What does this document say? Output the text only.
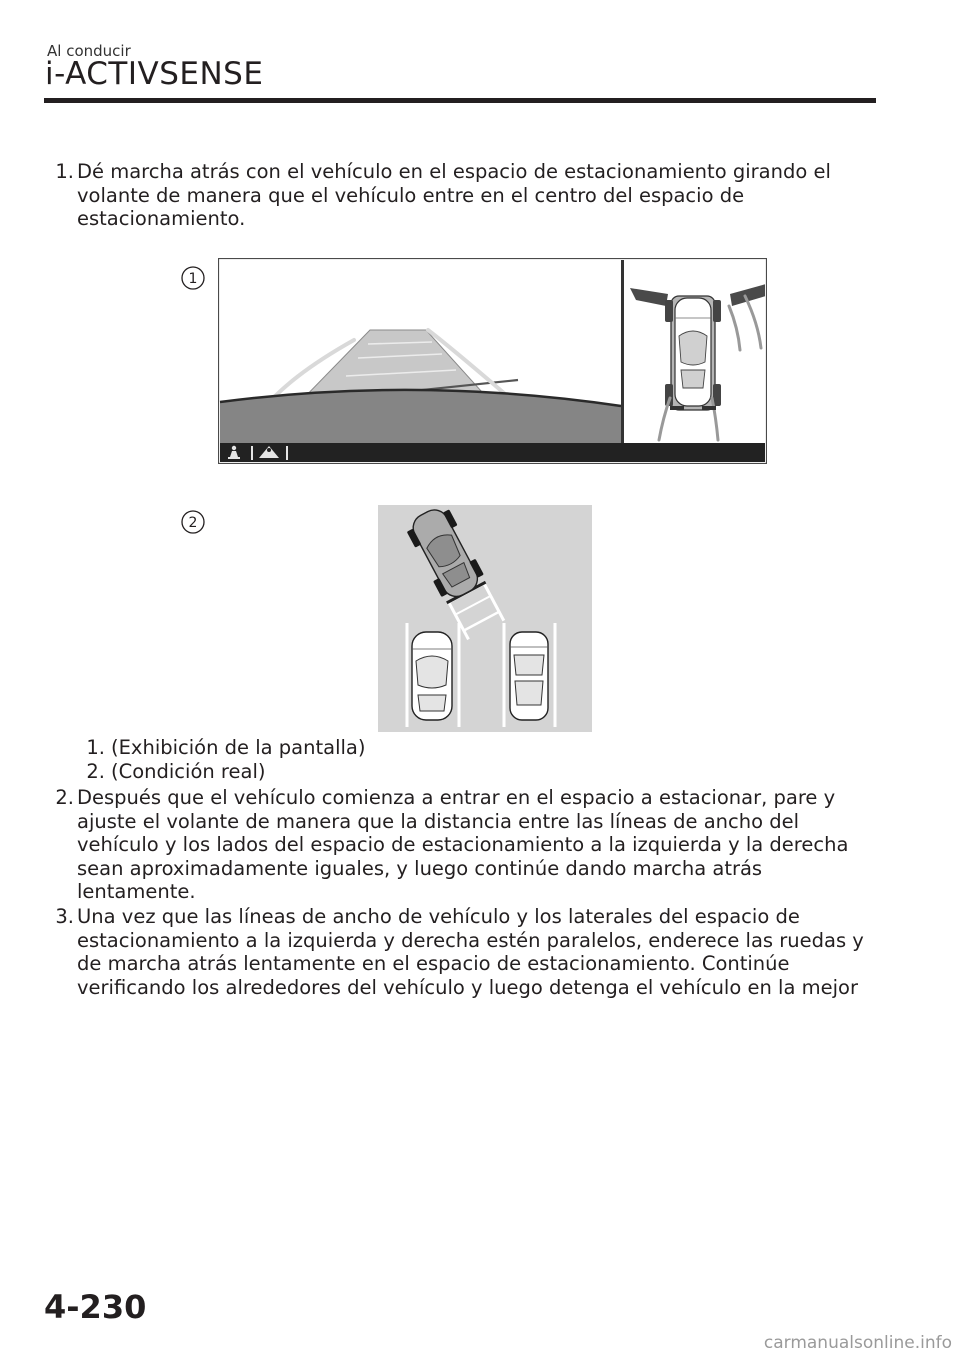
Al conducir
i-ACTIVSENSE
1. Dé marcha atrás con el vehículo en el espacio de estacionamiento girando el volante de manera que el vehículo entre en el centro del espacio de estacionamiento.
1
2
1. (Exhibición de la pantalla)
2. (Condición real)
2. Después que el vehículo comienza a entrar en el espacio a estacionar, pare y ajuste el volante de manera que la distancia entre las líneas de ancho del vehículo y los lados del espacio de estacionamiento a la izquierda y la derecha sean aproximadamente iguales, y luego continúe dando marcha atrás lentamente.
3. Una vez que las líneas de ancho de vehículo y los laterales del espacio de estacionamiento a la izquierda y derecha estén paralelos, enderece las ruedas y de marcha atrás lentamente en el espacio de estacionamiento. Continúe verificando los alrededores del vehículo y luego detenga el vehículo en la mejor
4-230
carmanualsonline.info
